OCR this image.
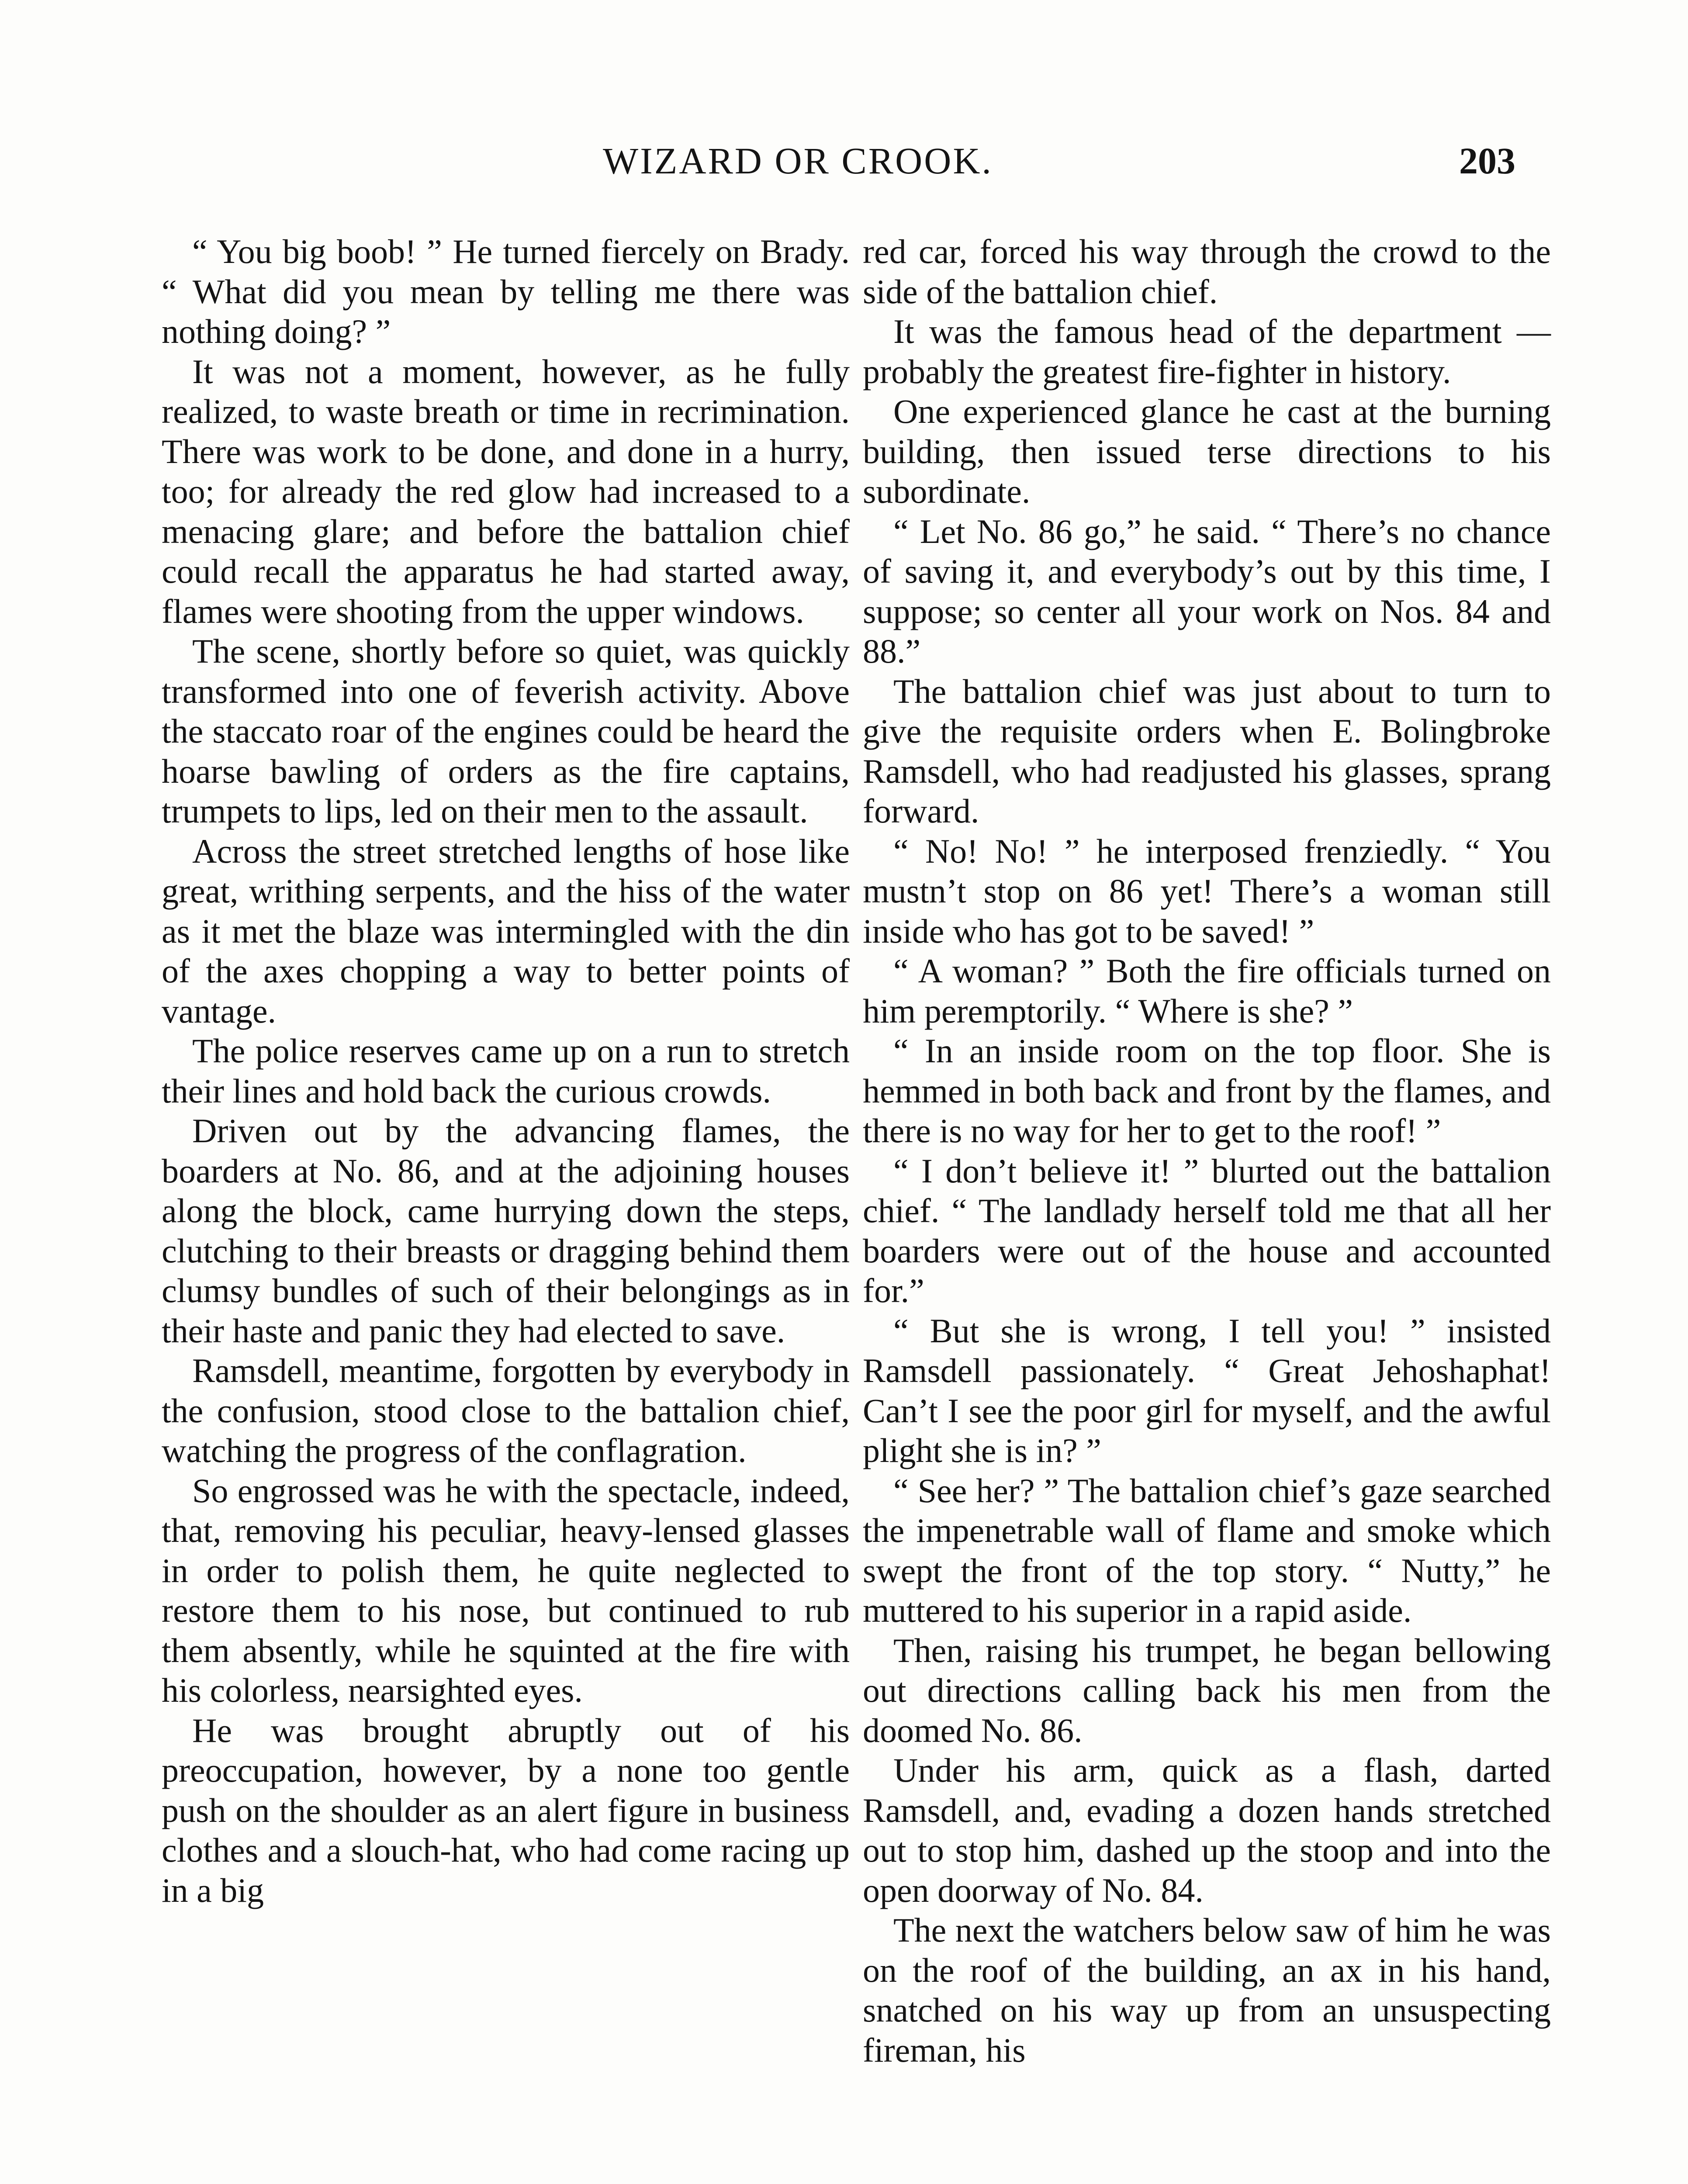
WIZARD OR CROOK.	203

“ You big boob! ” He turned fiercely on Brady. “ What did you mean by telling me there was nothing doing? ”

It was not a moment, however, as he fully realized, to waste breath or time in recrimination. There was work to be done, and done in a hurry, too; for already the red glow had increased to a menacing glare; and before the battalion chief could recall the apparatus he had started away, flames were shooting from the upper windows.

The scene, shortly before so quiet, was quickly transformed into one of feverish activity. Above the staccato roar of the engines could be heard the hoarse bawling of orders as the fire captains, trumpets to lips, led on their men to the assault.

Across the street stretched lengths of hose like great, writhing serpents, and the hiss of the water as it met the blaze was intermingled with the din of the axes chopping a way to better points of vantage.

The police reserves came up on a run to stretch their lines and hold back the curious crowds.

Driven out by the advancing flames, the boarders at No. 86, and at the adjoining houses along the block, came hurrying down the steps, clutching to their breasts or dragging behind them clumsy bundles of such of their belongings as in their haste and panic they had elected to save.

Ramsdell, meantime, forgotten by everybody in the confusion, stood close to the battalion chief, watching the progress of the conflagration.

So engrossed was he with the spectacle, indeed, that, removing his peculiar, heavy-lensed glasses in order to polish them, he quite neglected to restore them to his nose, but continued to rub them absently, while he squinted at the fire with his colorless, nearsighted eyes.

He was brought abruptly out of his preoccupation, however, by a none too gentle push on the shoulder as an alert figure in business clothes and a slouch-hat, who had come racing up in a big

red car, forced his way through the crowd to the side of the battalion chief.

It was the famous head of the department — probably the greatest fire-fighter in history.

One experienced glance he cast at the burning building, then issued terse directions to his subordinate.

“ Let No. 86 go,” he said. “ There’s no chance of saving it, and everybody’s out by this time, I suppose; so center all your work on Nos. 84 and 88.”

The battalion chief was just about to turn to give the requisite orders when E. Bolingbroke Ramsdell, who had readjusted his glasses, sprang forward.

“ No! No! ” he interposed frenziedly. “ You mustn’t stop on 86 yet! There’s a woman still inside who has got to be saved! ”

“ A woman? ” Both the fire officials turned on him peremptorily. “ Where is she? ”

“ In an inside room on the top floor. She is hemmed in both back and front by the flames, and there is no way for her to get to the roof! ”

“ I don’t believe it! ” blurted out the battalion chief. “ The landlady herself told me that all her boarders were out of the house and accounted for.”

“ But she is wrong, I tell you! ” insisted Ramsdell passionately. “ Great Jehoshaphat! Can’t I see the poor girl for myself, and the awful plight she is in? ”

“ See her? ” The battalion chief’s gaze searched the impenetrable wall of flame and smoke which swept the front of the top story. “ Nutty,” he muttered to his superior in a rapid aside.

Then, raising his trumpet, he began bellowing out directions calling back his men from the doomed No. 86.

Under his arm, quick as a flash, darted Ramsdell, and, evading a dozen hands stretched out to stop him, dashed up the stoop and into the open doorway of No. 84.

The next the watchers below saw of him he was on the roof of the building, an ax in his hand, snatched on his way up from an unsuspecting fireman, his
